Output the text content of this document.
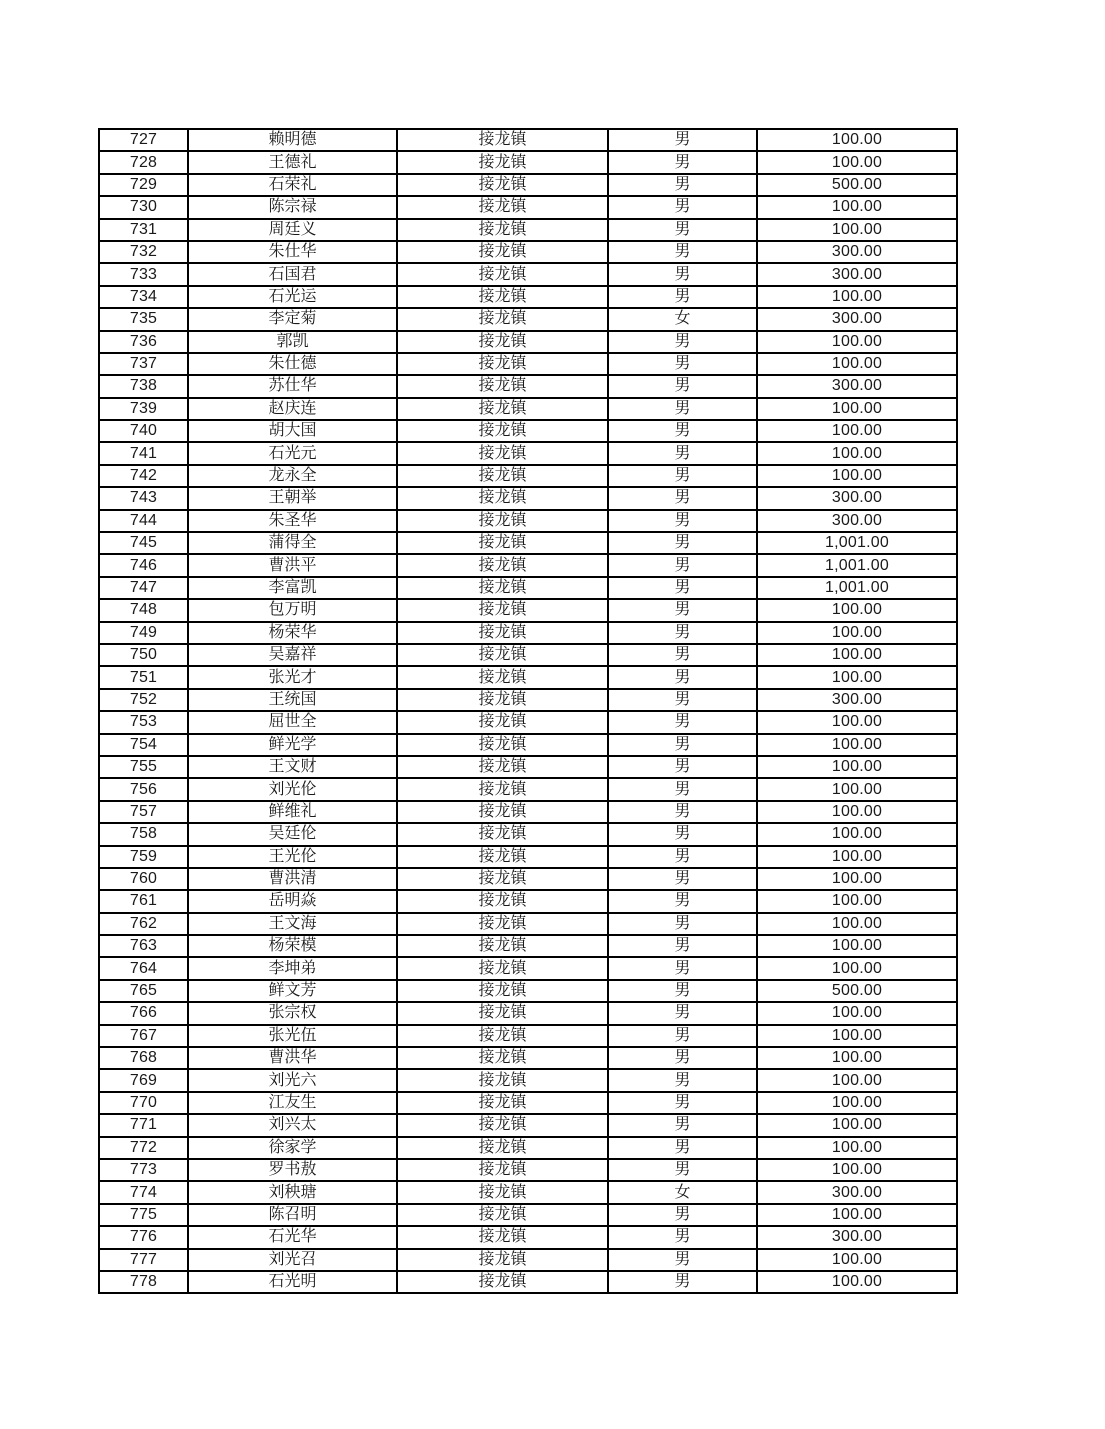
727	赖明德	接龙镇	男	100.00
728	王德礼	接龙镇	男	100.00
729	石荣礼	接龙镇	男	500.00
730	陈宗禄	接龙镇	男	100.00
731	周廷义	接龙镇	男	100.00
732	朱仕华	接龙镇	男	300.00
733	石国君	接龙镇	男	300.00
734	石光运	接龙镇	男	100.00
735	李定菊	接龙镇	女	300.00
736	郭凯	接龙镇	男	100.00
737	朱仕德	接龙镇	男	100.00
738	苏仕华	接龙镇	男	300.00
739	赵庆连	接龙镇	男	100.00
740	胡大国	接龙镇	男	100.00
741	石光元	接龙镇	男	100.00
742	龙永全	接龙镇	男	100.00
743	王朝举	接龙镇	男	300.00
744	朱圣华	接龙镇	男	300.00
745	蒲得全	接龙镇	男	1,001.00
746	曹洪平	接龙镇	男	1,001.00
747	李富凯	接龙镇	男	1,001.00
748	包万明	接龙镇	男	100.00
749	杨荣华	接龙镇	男	100.00
750	吴嘉祥	接龙镇	男	100.00
751	张光才	接龙镇	男	100.00
752	王统国	接龙镇	男	300.00
753	屈世全	接龙镇	男	100.00
754	鲜光学	接龙镇	男	100.00
755	王文财	接龙镇	男	100.00
756	刘光伦	接龙镇	男	100.00
757	鲜维礼	接龙镇	男	100.00
758	吴廷伦	接龙镇	男	100.00
759	王光伦	接龙镇	男	100.00
760	曹洪清	接龙镇	男	100.00
761	岳明焱	接龙镇	男	100.00
762	王文海	接龙镇	男	100.00
763	杨荣模	接龙镇	男	100.00
764	李坤弟	接龙镇	男	100.00
765	鲜文芳	接龙镇	男	500.00
766	张宗权	接龙镇	男	100.00
767	张光伍	接龙镇	男	100.00
768	曹洪华	接龙镇	男	100.00
769	刘光六	接龙镇	男	100.00
770	江友生	接龙镇	男	100.00
771	刘兴太	接龙镇	男	100.00
772	徐家学	接龙镇	男	100.00
773	罗书敖	接龙镇	男	100.00
774	刘秧瑭	接龙镇	女	300.00
775	陈召明	接龙镇	男	100.00
776	石光华	接龙镇	男	300.00
777	刘光召	接龙镇	男	100.00
778	石光明	接龙镇	男	100.00
